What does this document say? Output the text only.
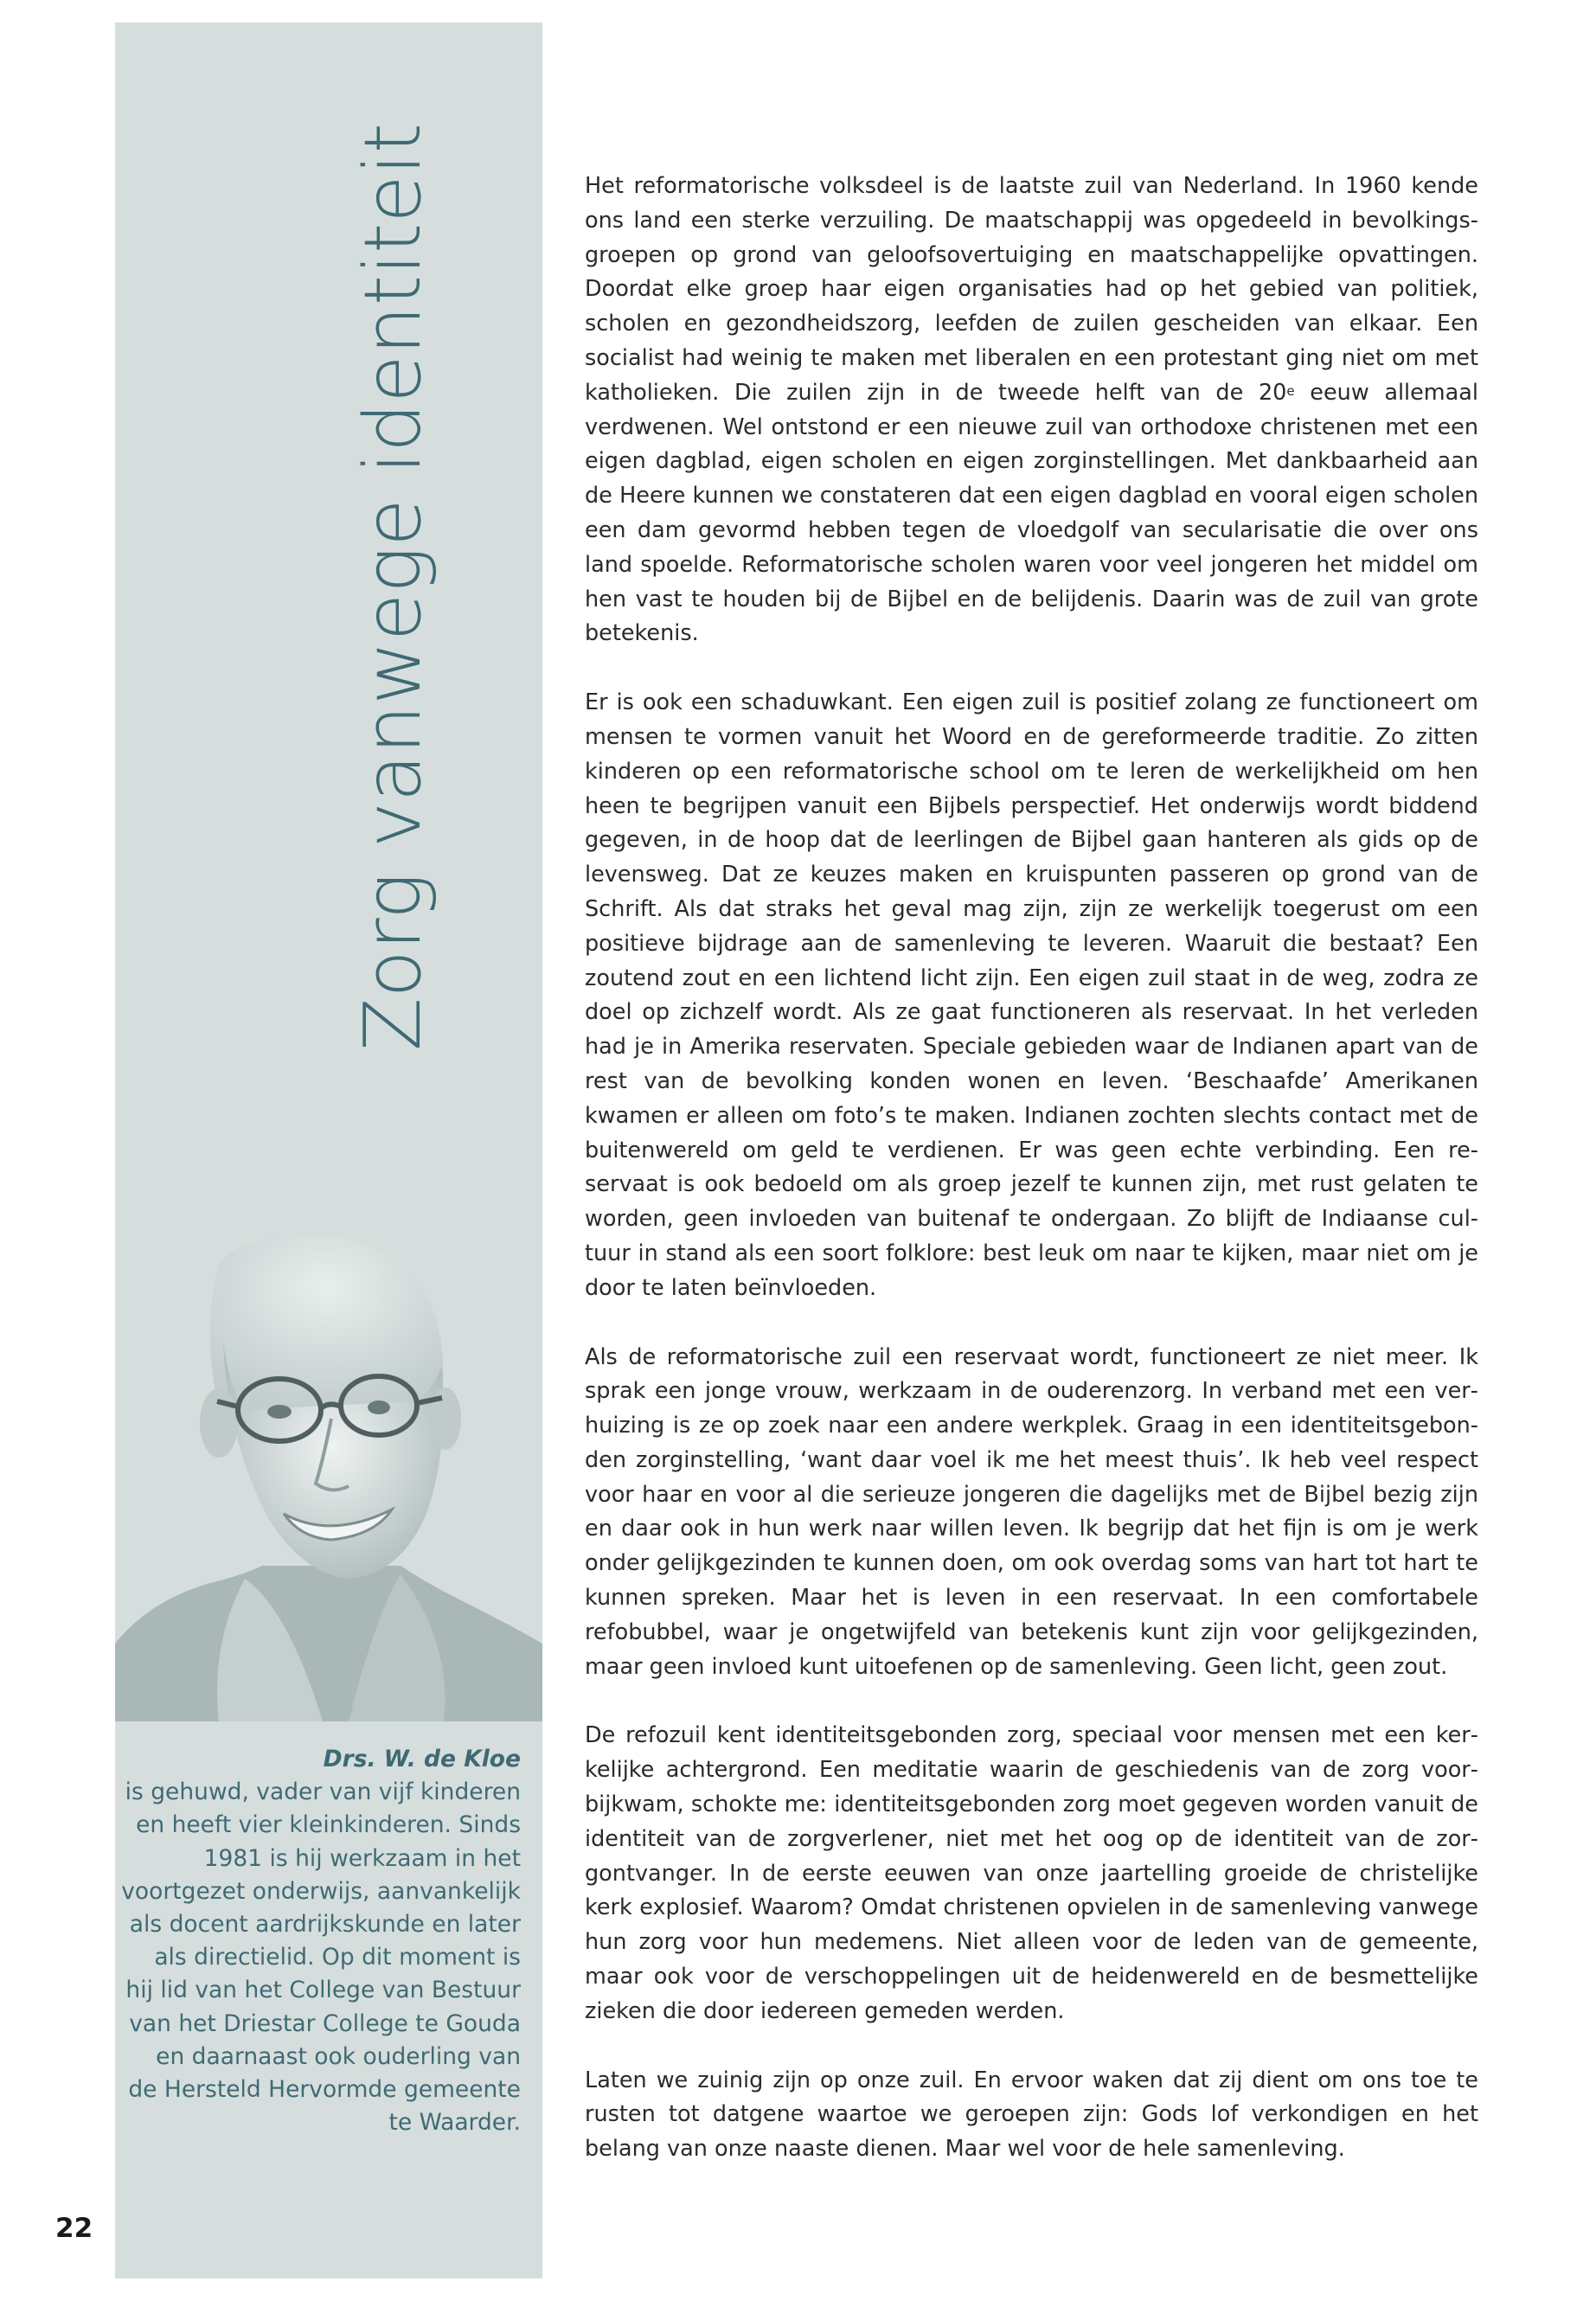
Zorg vanwege identiteit
Drs. W. de Kloe
is gehuwd, vader van vijf kinderen en heeft vier kleinkinderen. Sinds 1981 is hij werkzaam in het voortgezet onderwijs, aanvankelijk als docent aardrijkskunde en later als directielid. Op dit moment is hij lid van het College van Bestuur van het Driestar College te Gouda en daarnaast ook ouderling van de Hersteld Hervormde gemeente te Waarder.
22

Het reformatorische volksdeel is de laatste zuil van Nederland. In 1960 kende ons land een sterke verzuiling. De maatschappij was opgedeeld in bevolkingsgroepen op grond van geloofsovertuiging en maatschappelijke opvattingen. Doordat elke groep haar eigen organisaties had op het gebied van politiek, scholen en gezondheidszorg, leefden de zuilen gescheiden van elkaar. Een socialist had weinig te maken met liberalen en een protestant ging niet om met katholieken. Die zuilen zijn in de tweede helft van de 20e eeuw allemaal verdwenen. Wel ontstond er een nieuwe zuil van orthodoxe christenen met een eigen dagblad, eigen scholen en eigen zorginstellingen. Met dankbaarheid aan de Heere kunnen we constateren dat een eigen dagblad en vooral eigen scholen een dam gevormd hebben tegen de vloedgolf van secularisatie die over ons land spoelde. Reformatorische scholen waren voor veel jongeren het middel om hen vast te houden bij de Bijbel en de belijdenis. Daarin was de zuil van grote betekenis.

Er is ook een schaduwkant. Een eigen zuil is positief zolang ze functioneert om mensen te vormen vanuit het Woord en de gereformeerde traditie. Zo zitten kinderen op een reformatorische school om te leren de werkelijkheid om hen heen te begrijpen vanuit een Bijbels perspectief. Het onderwijs wordt biddend gegeven, in de hoop dat de leerlingen de Bijbel gaan hanteren als gids op de levensweg. Dat ze keuzes maken en kruispunten passeren op grond van de Schrift. Als dat straks het geval mag zijn, zijn ze werkelijk toegerust om een positieve bijdrage aan de samenleving te leveren. Waaruit die bestaat? Een zoutend zout en een lichtend licht zijn. Een eigen zuil staat in de weg, zodra ze doel op zichzelf wordt. Als ze gaat functioneren als reservaat. In het verleden had je in Amerika reservaten. Speciale gebieden waar de Indianen apart van de rest van de bevolking konden wonen en leven. ‘Beschaafde’ Amerikanen kwamen er alleen om foto’s te maken. Indianen zochten slechts contact met de buitenwereld om geld te verdienen. Er was geen echte verbinding. Een reservaat is ook bedoeld om als groep jezelf te kunnen zijn, met rust gelaten te worden, geen invloeden van buitenaf te ondergaan. Zo blijft de Indiaanse cultuur in stand als een soort folklore: best leuk om naar te kijken, maar niet om je door te laten beïnvloeden.

Als de reformatorische zuil een reservaat wordt, functioneert ze niet meer. Ik sprak een jonge vrouw, werkzaam in de ouderenzorg. In verband met een verhuizing is ze op zoek naar een andere werkplek. Graag in een identiteitsgebonden zorginstelling, ‘want daar voel ik me het meest thuis’. Ik heb veel respect voor haar en voor al die serieuze jongeren die dagelijks met de Bijbel bezig zijn en daar ook in hun werk naar willen leven. Ik begrijp dat het fijn is om je werk onder gelijkgezinden te kunnen doen, om ook overdag soms van hart tot hart te kunnen spreken. Maar het is leven in een reservaat. In een comfortabele refobubbel, waar je ongetwijfeld van betekenis kunt zijn voor gelijkgezinden, maar geen invloed kunt uitoefenen op de samenleving. Geen licht, geen zout.

De refozuil kent identiteitsgebonden zorg, speciaal voor mensen met een kerkelijke achtergrond. Een meditatie waarin de geschiedenis van de zorg voorbijkwam, schokte me: identiteitsgebonden zorg moet gegeven worden vanuit de identiteit van de zorgverlener, niet met het oog op de identiteit van de zorgontvanger. In de eerste eeuwen van onze jaartelling groeide de christelijke kerk explosief. Waarom? Omdat christenen opvielen in de samenleving vanwege hun zorg voor hun medemens. Niet alleen voor de leden van de gemeente, maar ook voor de verschoppelingen uit de heidenwereld en de besmettelijke zieken die door iedereen gemeden werden.

Laten we zuinig zijn op onze zuil. En ervoor waken dat zij dient om ons toe te rusten tot datgene waartoe we geroepen zijn: Gods lof verkondigen en het belang van onze naaste dienen. Maar wel voor de hele samenleving.
